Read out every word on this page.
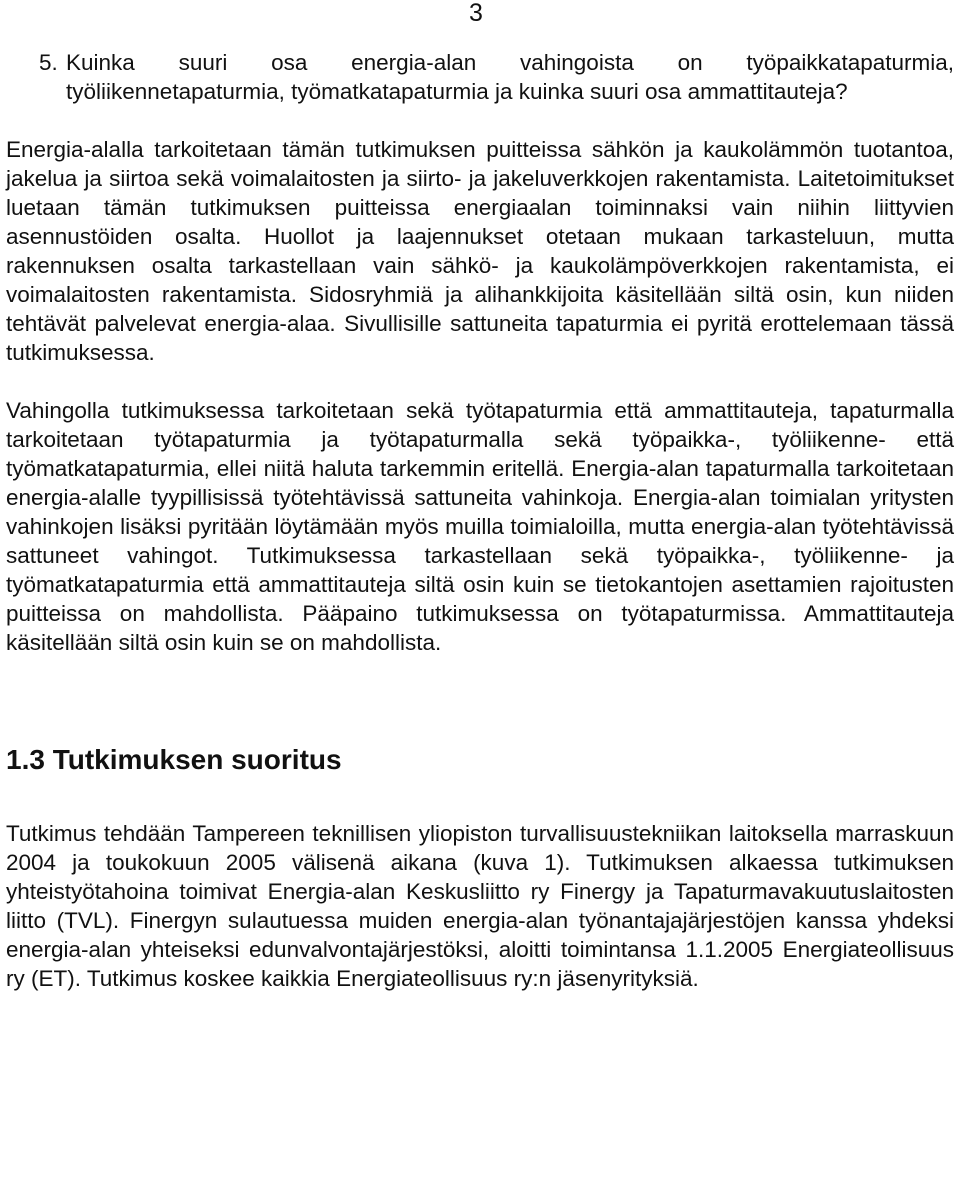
3
5. Kuinka suuri osa energia-alan vahingoista on työpaikkatapaturmia, työliikennetapaturmia, työmatkatapaturmia ja kuinka suuri osa ammattitauteja?

Energia-alalla tarkoitetaan tämän tutkimuksen puitteissa sähkön ja kaukolämmön tuotantoa, jakelua ja siirtoa sekä voimalaitosten ja siirto- ja jakeluverkkojen rakentamista. Laitetoimitukset luetaan tämän tutkimuksen puitteissa energiaalan toiminnaksi vain niihin liittyvien asennustöiden osalta. Huollot ja laajennukset otetaan mukaan tarkasteluun, mutta rakennuksen osalta tarkastellaan vain sähkö- ja kaukolämpöverkkojen rakentamista, ei voimalaitosten rakentamista. Sidosryhmiä ja alihankkijoita käsitellään siltä osin, kun niiden tehtävät palvelevat energia-alaa. Sivullisille sattuneita tapaturmia ei pyritä erottelemaan tässä tutkimuksessa.

Vahingolla tutkimuksessa tarkoitetaan sekä työtapaturmia että ammattitauteja, tapaturmalla tarkoitetaan työtapaturmia ja työtapaturmalla sekä työpaikka-, työliikenne- että työmatkatapaturmia, ellei niitä haluta tarkemmin eritellä. Energia-alan tapaturmalla tarkoitetaan energia-alalle tyypillisissä työtehtävissä sattuneita vahinkoja. Energia-alan toimialan yritysten vahinkojen lisäksi pyritään löytämään myös muilla toimialoilla, mutta energia-alan työtehtävissä sattuneet vahingot. Tutkimuksessa tarkastellaan sekä työpaikka-, työliikenne- ja työmatkatapaturmia että ammattitauteja siltä osin kuin se tietokantojen asettamien rajoitusten puitteissa on mahdollista. Pääpaino tutkimuksessa on työtapaturmissa. Ammattitauteja käsitellään siltä osin kuin se on mahdollista.

1.3 Tutkimuksen suoritus

Tutkimus tehdään Tampereen teknillisen yliopiston turvallisuustekniikan laitoksella marraskuun 2004 ja toukokuun 2005 välisenä aikana (kuva 1). Tutkimuksen alkaessa tutkimuksen yhteistyötahoina toimivat Energia-alan Keskusliitto ry Finergy ja Tapaturmavakuutuslaitosten liitto (TVL). Finergyn sulautuessa muiden energia-alan työnantajajärjestöjen kanssa yhdeksi energia-alan yhteiseksi edunvalvontajärjestöksi, aloitti toimintansa 1.1.2005 Energiateollisuus ry (ET). Tutkimus koskee kaikkia Energiateollisuus ry:n jäsenyrityksiä.
